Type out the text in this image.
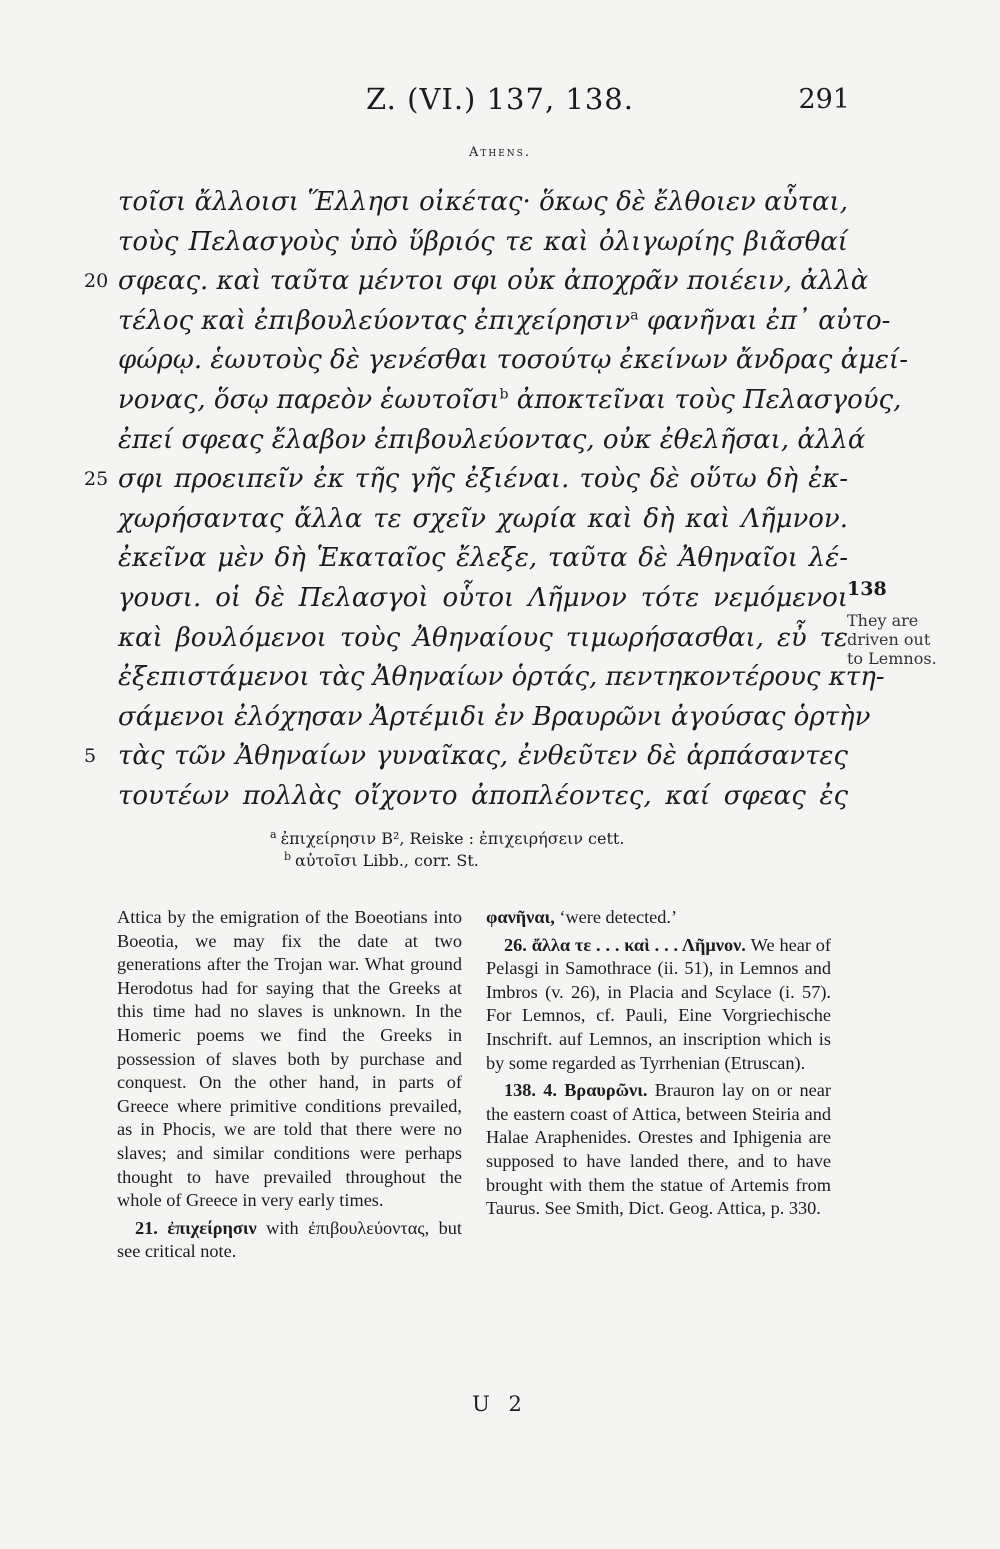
Z. (VI.) 137, 138.	291
Athens.
τοῖσι ἄλλοισι Ἕλλησι οἰκέτας· ὅκως δὲ ἔλθοιεν αὗται,
τοὺς Πελασγοὺς ὑπὸ ὕβριός τε καὶ ὀλιγωρίης βιᾶσθαί
20 σφεας. καὶ ταῦτα μέντοι σφι οὐκ ἀποχρᾶν ποιέειν, ἀλλὰ
τέλος καὶ ἐπιβουλεύοντας ἐπιχείρησιν$^a$ φανῆναι ἐπ᾽ αὐτο-
φώρῳ. ἑωυτοὺς δὲ γενέσθαι τοσούτῳ ἐκείνων ἄνδρας ἀμεί-
νονας, ὅσῳ παρεὸν ἑωυτοῖσι$^b$ ἀποκτεῖναι τοὺς Πελασγούς,
ἐπεί σφεας ἔλαβον ἐπιβουλεύοντας, οὐκ ἐθελῆσαι, ἀλλά
25 σφι προειπεῖν ἐκ τῆς γῆς ἐξιέναι. τοὺς δὲ οὕτω δὴ ἐκ-
χωρήσαντας ἄλλα τε σχεῖν χωρία καὶ δὴ καὶ Λῆμνον.
ἐκεῖνα μὲν δὴ Ἑκαταῖος ἔλεξε, ταῦτα δὲ Ἀθηναῖοι λέ-
γουσι. οἱ δὲ Πελασγοὶ οὗτοι Λῆμνον τότε νεμόμενοι
καὶ βουλόμενοι τοὺς Ἀθηναίους τιμωρήσασθαι, εὖ τε
ἐξεπιστάμενοι τὰς Ἀθηναίων ὁρτάς, πεντηκοντέρους κτη-
σάμενοι ἐλόχησαν Ἀρτέμιδι ἐν Βραυρῶνι ἀγούσας ὁρτὴν
5 τὰς τῶν Ἀθηναίων γυναῖκας, ἐνθεῦτεν δὲ ἁρπάσαντες
τουτέων πολλὰς οἴχοντο ἀποπλέοντες, καί σφεας ἐς
138
They are
driven out
to Lemnos.
$^a$ ἐπιχείρησιν B², Reiske : ἐπιχειρήσειν cett.
$^b$ αὐτοῖσι Libb., corr. St.

Attica by the emigration of the Boeotians into Boeotia, we may fix the date at two generations after the Trojan war. What ground Herodotus had for saying that the Greeks at this time had no slaves is unknown. In the Homeric poems we find the Greeks in possession of slaves both by purchase and conquest. On the other hand, in parts of Greece where primitive conditions prevailed, as in Phocis, we are told that there were no slaves; and similar conditions were perhaps thought to have prevailed throughout the whole of Greece in very early times.

21. ἐπιχείρησιν with ἐπιβουλεύοντας, but see critical note.

φανῆναι, ‘were detected.’

26. ἄλλα τε . . . καὶ . . . Λῆμνον. We hear of Pelasgi in Samothrace (ii. 51), in Lemnos and Imbros (v. 26), in Placia and Scylace (i. 57). For Lemnos, cf. Pauli, Eine Vorgriechische Inschrift. auf Lemnos, an inscription which is by some regarded as Tyrrhenian (Etruscan).

138. 4. Βραυρῶνι. Brauron lay on or near the eastern coast of Attica, between Steiria and Halae Araphenides. Orestes and Iphigenia are supposed to have landed there, and to have brought with them the statue of Artemis from Taurus. See Smith, Dict. Geog. Attica, p. 330.

U 2
